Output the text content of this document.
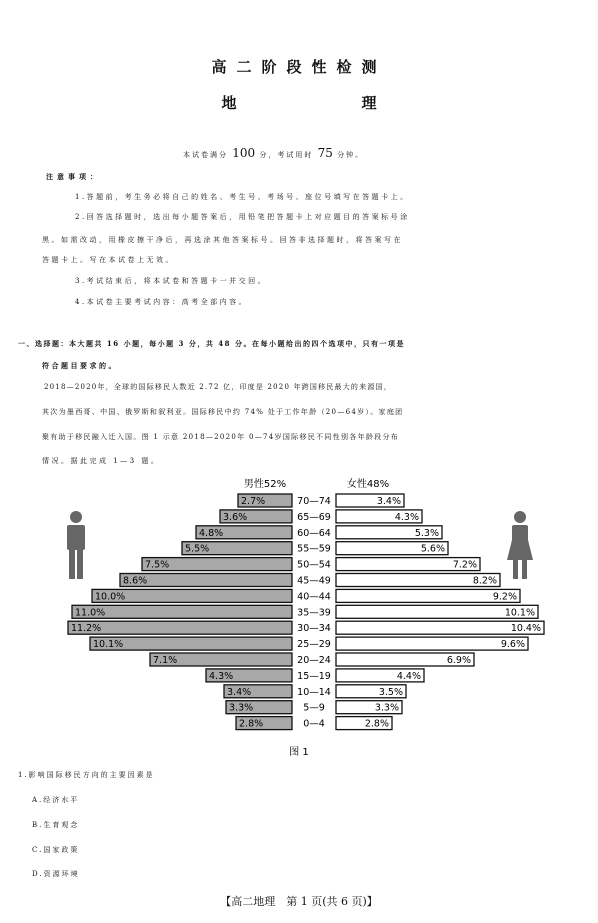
高二阶段性检测
地	理
本试卷满分 100 分，考试用时 75 分钟。
注意事项：
1.答题前，考生务必将自己的姓名、考生号、考场号、座位号填写在答题卡上。
2.回答选择题时，选出每小题答案后，用铅笔把答题卡上对应题目的答案标号涂
黑。如需改动，用橡皮擦干净后，再选涂其他答案标号。回答非选择题时，将答案写在
答题卡上。写在本试卷上无效。
3.考试结束后，将本试卷和答题卡一并交回。
4.本试卷主要考试内容：高考全部内容。
一、选择题：本大题共 16 小题，每小题 3 分，共 48 分。在每小题给出的四个选项中，只有一项是
符合题目要求的。
2018—2020年，全球的国际移民人数近 2.72 亿，印度是 2020 年跨国移民最大的来源国，
其次为墨西哥、中国、俄罗斯和叙利亚。国际移民中约 74% 处于工作年龄（20—64岁）。家庭团
聚有助于移民融入迁入国。图 1 示意 2018—2020年 0—74岁国际移民不同性别各年龄段分布
情况。据此完成 1—3 题。
男性52%	女性48%
2.7%	3.4%
70—74
3.6%	4.3%
65—69
4.8%	5.3%
60—64
5.5%	5.6%
55—59
7.5%	7.2%
50—54
8.6%	8.2%
45—49
10.0%	9.2%
40—44
11.0%	10.1%
35—39
11.2%	10.4%
30—34
10.1%	9.6%
25—29
7.1%	6.9%
20—24
4.3%	4.4%
15—19
3.4%	3.5%
10—14
3.3%	3.3%
5—9
2.8%	2.8%
0—4
图 1
1.影响国际移民方向的主要因素是
A.经济水平
B.生育观念
C.国家政策
D.资源环境
【高二地理　第 1 页(共 6 页)】
